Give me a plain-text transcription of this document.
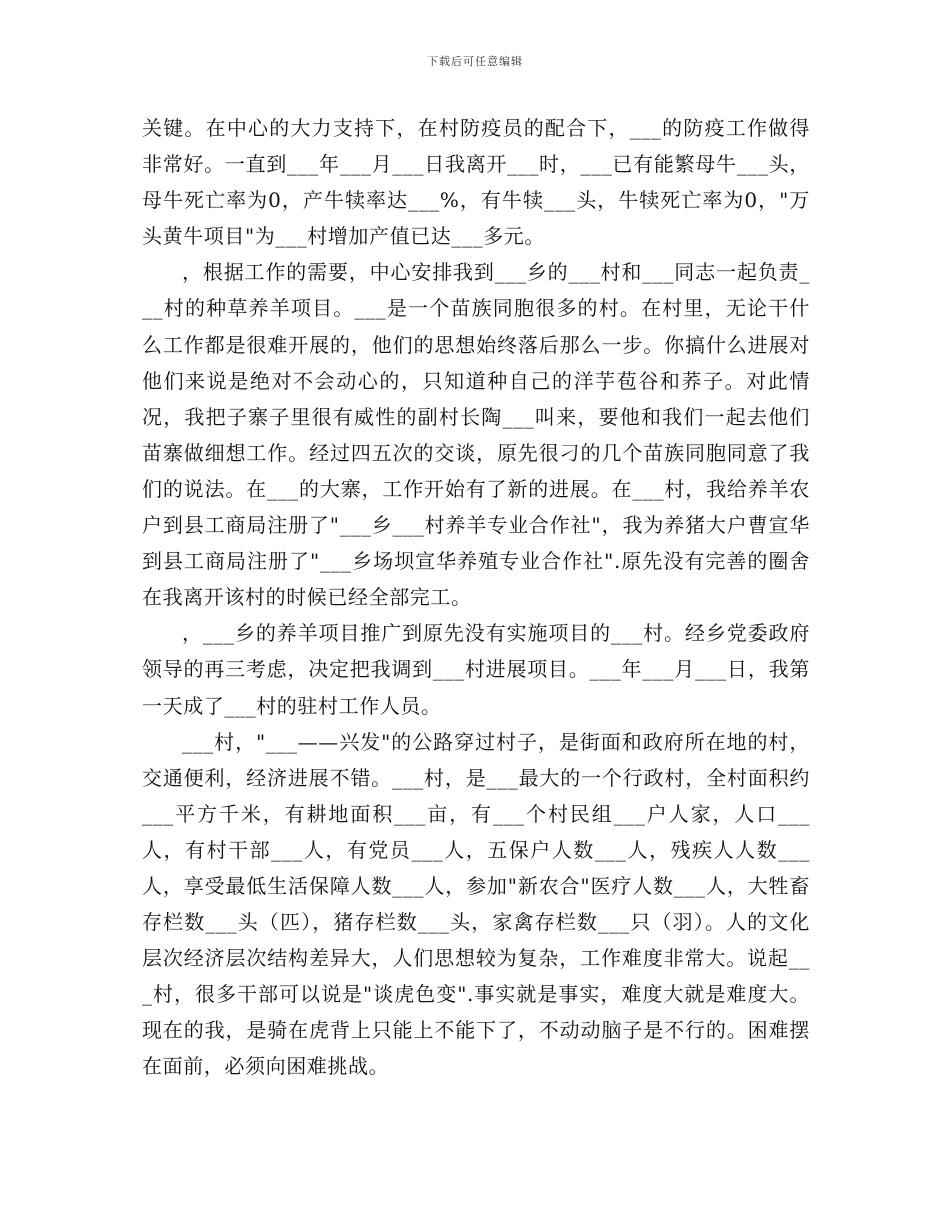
下载后可任意编辑

关键。在中心的大力支持下，在村防疫员的配合下，___的防疫工作做得非常好。一直到___年___月___日我离开___时，___已有能繁母牛___头，母牛死亡率为0，产牛犊率达___%，有牛犊___头，牛犊死亡率为0，"万头黄牛项目"为___村增加产值已达___多元。

，根据工作的需要，中心安排我到___乡的___村和___同志一起负责___村的种草养羊项目。___是一个苗族同胞很多的村。在村里，无论干什么工作都是很难开展的，他们的思想始终落后那么一步。你搞什么进展对他们来说是绝对不会动心的，只知道种自己的洋芋苞谷和荞子。对此情况，我把子寨子里很有威性的副村长陶___叫来，要他和我们一起去他们苗寨做细想工作。经过四五次的交谈，原先很刁的几个苗族同胞同意了我们的说法。在___的大寨，工作开始有了新的进展。在___村，我给养羊农户到县工商局注册了"___乡___村养羊专业合作社"，我为养猪大户曹宣华到县工商局注册了"___乡场坝宣华养殖专业合作社".原先没有完善的圈舍在我离开该村的时候已经全部完工。

，___乡的养羊项目推广到原先没有实施项目的___村。经乡党委政府领导的再三考虑，决定把我调到___村进展项目。___年___月___日，我第一天成了___村的驻村工作人员。

___村，"___——兴发"的公路穿过村子，是街面和政府所在地的村，交通便利，经济进展不错。___村，是___最大的一个行政村，全村面积约___平方千米，有耕地面积___亩，有___个村民组___户人家，人口___人，有村干部___人，有党员___人，五保户人数___人，残疾人人数___人，享受最低生活保障人数___人，参加"新农合"医疗人数___人，大牲畜存栏数___头（匹），猪存栏数___头，家禽存栏数___只（羽）。人的文化层次经济层次结构差异大，人们思想较为复杂，工作难度非常大。说起___村，很多干部可以说是"谈虎色变".事实就是事实，难度大就是难度大。现在的我，是骑在虎背上只能上不能下了，不动动脑子是不行的。困难摆在面前，必须向困难挑战。
